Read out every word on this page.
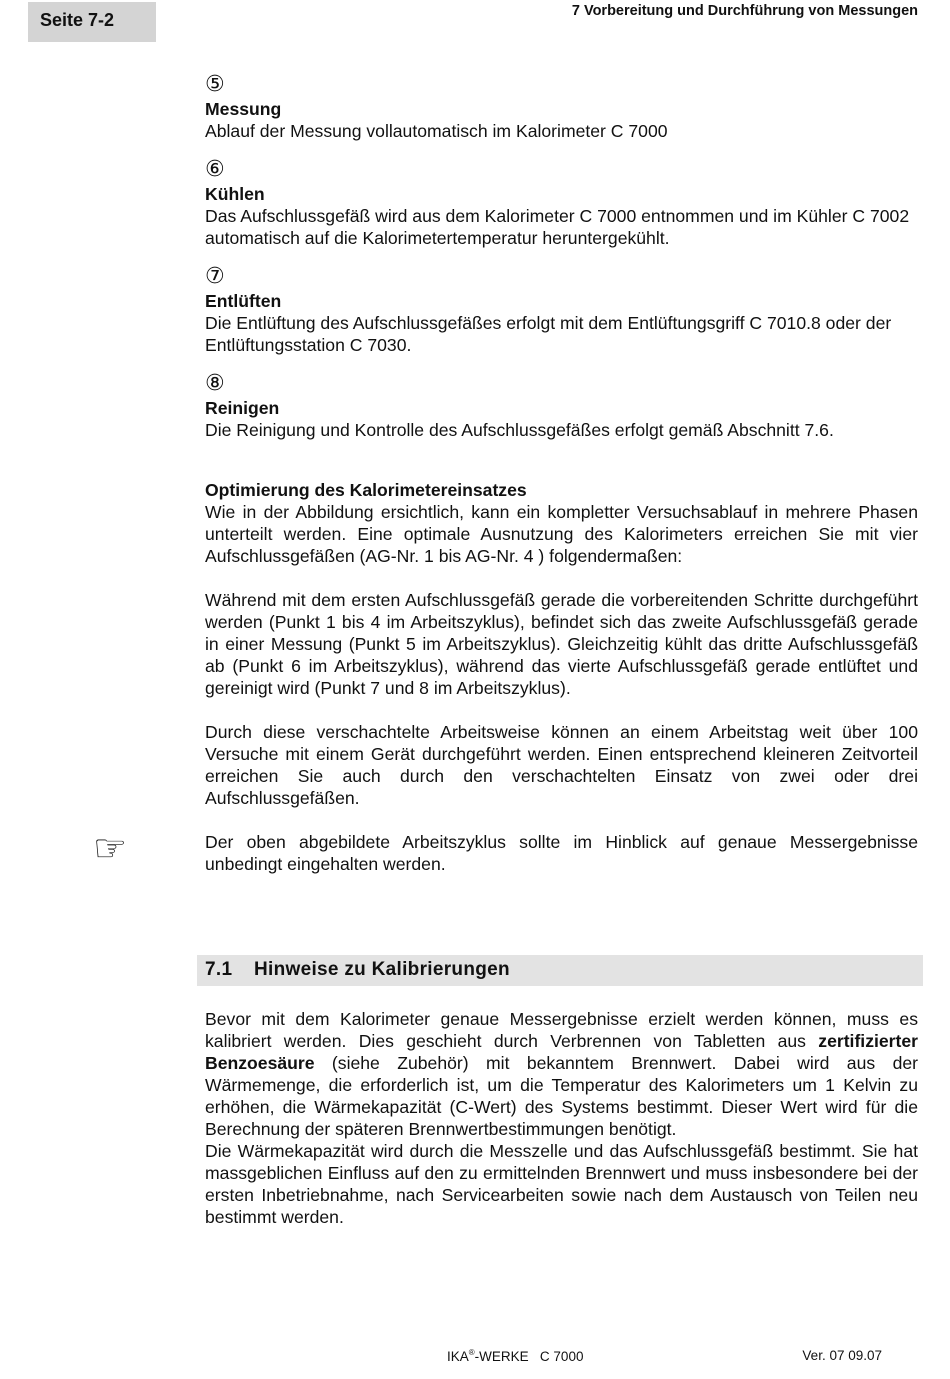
Seite 7-2	7 Vorbereitung und Durchführung von Messungen
⑤
Messung
Ablauf der Messung vollautomatisch im Kalorimeter C 7000
⑥
Kühlen
Das Aufschlussgefäß wird aus dem Kalorimeter C 7000 entnommen und im Kühler C 7002 automatisch auf die Kalorimetertemperatur heruntergekühlt.
⑦
Entlüften
Die Entlüftung des Aufschlussgefäßes erfolgt mit dem Entlüftungsgriff C 7010.8 oder der Entlüftungsstation C 7030.
⑧
Reinigen
Die Reinigung und Kontrolle des Aufschlussgefäßes erfolgt gemäß Abschnitt 7.6.
Optimierung des Kalorimetereinsatzes
Wie in der Abbildung ersichtlich, kann ein kompletter Versuchsablauf in mehrere Phasen unterteilt werden. Eine optimale Ausnutzung des Kalorimeters erreichen Sie mit vier Aufschlussgefäßen (AG-Nr. 1 bis AG-Nr. 4 ) folgendermaßen:
Während mit dem ersten Aufschlussgefäß gerade die vorbereitenden Schritte durchgeführt werden (Punkt 1 bis 4 im Arbeitszyklus), befindet sich das zweite Aufschlussgefäß gerade in einer Messung (Punkt 5 im Arbeitszyklus). Gleichzeitig kühlt das dritte Aufschlussgefäß ab (Punkt 6 im Arbeitszyklus), während das vierte Aufschlussgefäß gerade entlüftet und gereinigt wird (Punkt 7 und 8 im Arbeitszyklus).
Durch diese verschachtelte Arbeitsweise können an einem Arbeitstag weit über 100 Versuche mit einem Gerät durchgeführt werden. Einen entsprechend kleineren Zeitvorteil erreichen Sie auch durch den verschachtelten Einsatz von zwei oder drei Aufschlussgefäßen.
☞	Der oben abgebildete Arbeitszyklus sollte im Hinblick auf genaue Messergebnisse unbedingt eingehalten werden.
7.1 Hinweise zu Kalibrierungen
Bevor mit dem Kalorimeter genaue Messergebnisse erzielt werden können, muss es kalibriert werden. Dies geschieht durch Verbrennen von Tabletten aus zertifizierter Benzoesäure (siehe Zubehör) mit bekanntem Brennwert. Dabei wird aus der Wärmemenge, die erforderlich ist, um die Temperatur des Kalorimeters um 1 Kelvin zu erhöhen, die Wärmekapazität (C-Wert) des Systems bestimmt. Dieser Wert wird für die Berechnung der späteren Brennwertbestimmungen benötigt.
Die Wärmekapazität wird durch die Messzelle und das Aufschlussgefäß bestimmt. Sie hat massgeblichen Einfluss auf den zu ermittelnden Brennwert und muss insbesondere bei der ersten Inbetriebnahme, nach Servicearbeiten sowie nach dem Austausch von Teilen neu bestimmt werden.
IKA®-WERKE   C 7000	Ver. 07 09.07
